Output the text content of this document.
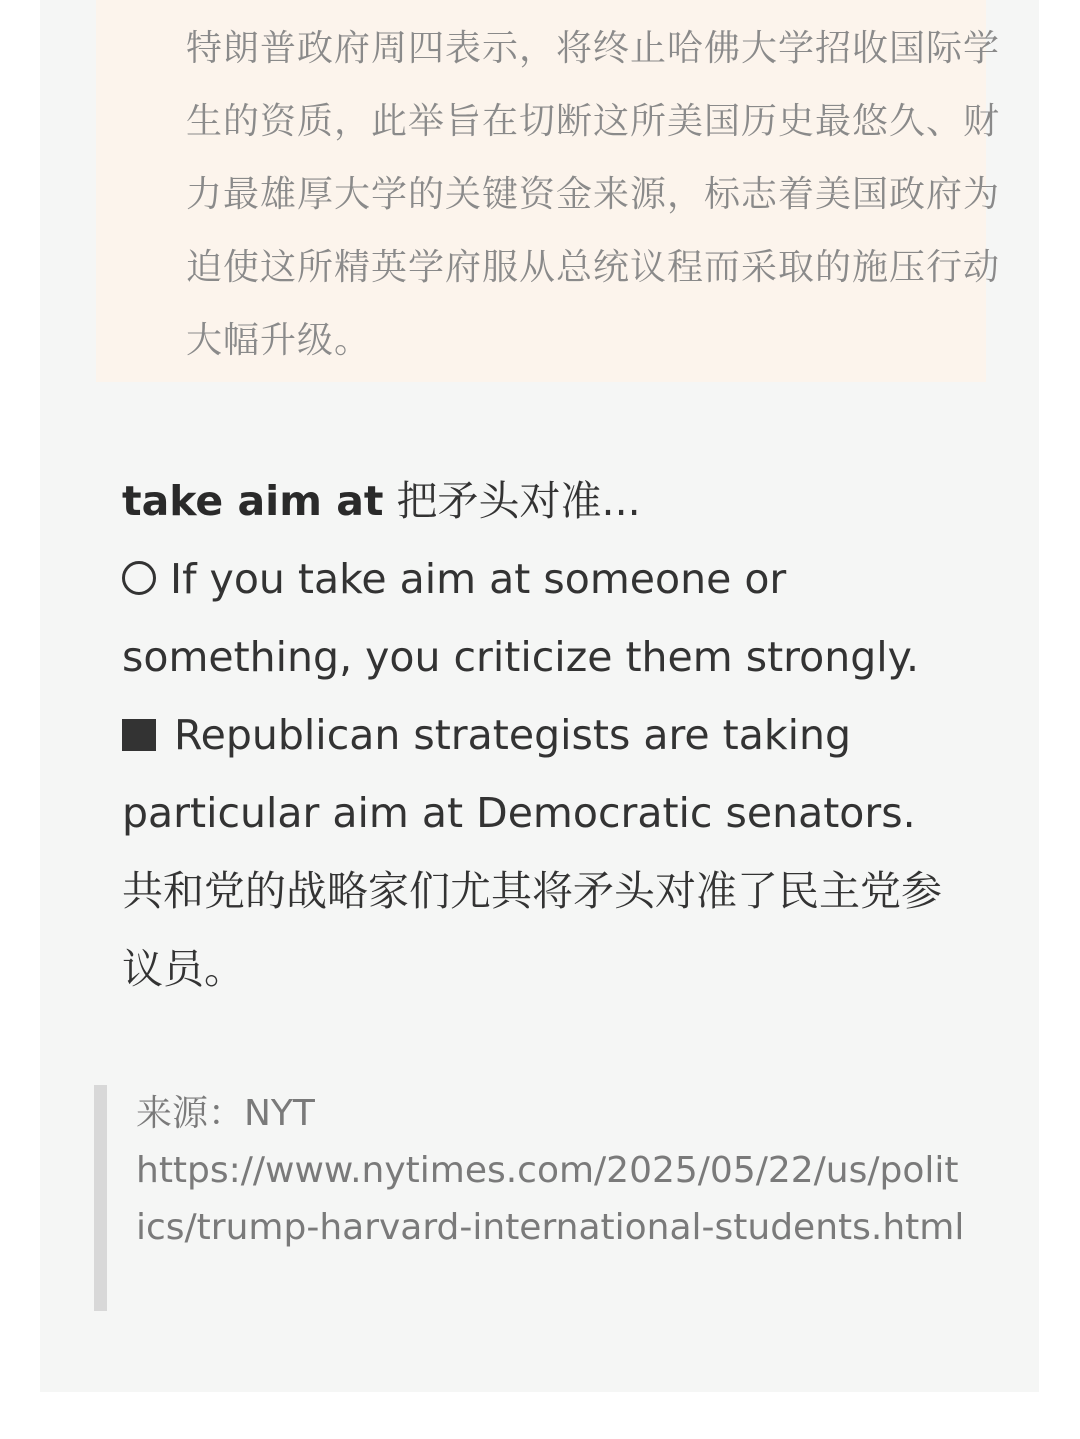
特朗普政府周四表示，将终止哈佛大学招收国际学生的资质，此举旨在切断这所美国历史最悠久、财力最雄厚大学的关键资金来源，标志着美国政府为迫使这所精英学府服从总统议程而采取的施压行动大幅升级。
take aim at 把矛头对准...
If you take aim at someone or something, you criticize them strongly.
Republican strategists are taking particular aim at Democratic senators. 共和党的战略家们尤其将矛头对准了民主党参议员。
来源：NYT
https://www.nytimes.com/2025/05/22/us/politics/trump-harvard-international-students.html
